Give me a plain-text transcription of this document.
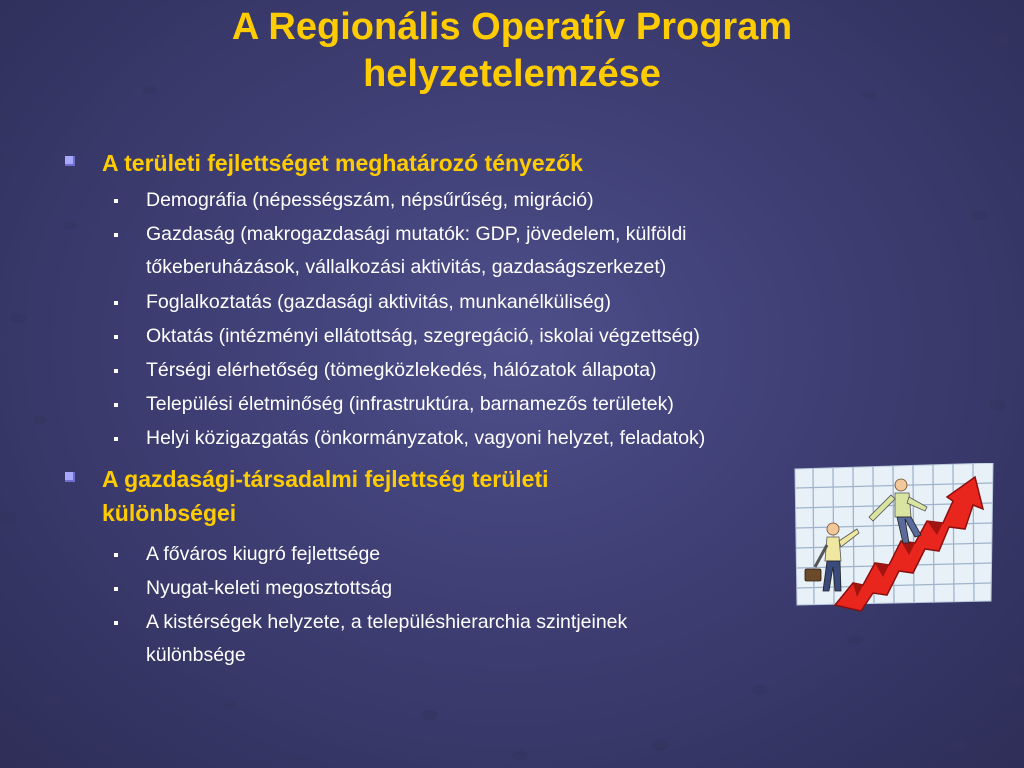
A Regionális Operatív Program
helyzetelemzése
A területi fejlettséget meghatározó tényezők
Demográfia (népességszám, népsűrűség, migráció)
Gazdaság (makrogazdasági mutatók: GDP, jövedelem, külföldi
tőkeberuházások, vállalkozási aktivitás, gazdaságszerkezet)
Foglalkoztatás (gazdasági aktivitás, munkanélküliség)
Oktatás (intézményi ellátottság, szegregáció, iskolai végzettség)
Térségi elérhetőség (tömegközlekedés, hálózatok állapota)
Települési életminőség (infrastruktúra, barnamezős területek)
Helyi közigazgatás (önkormányzatok, vagyoni helyzet, feladatok)
A gazdasági-társadalmi fejlettség területi
különbségei
A főváros kiugró fejlettsége
Nyugat-keleti megosztottság
A kistérségek helyzete, a településhierarchia szintjeinek
különbsége
